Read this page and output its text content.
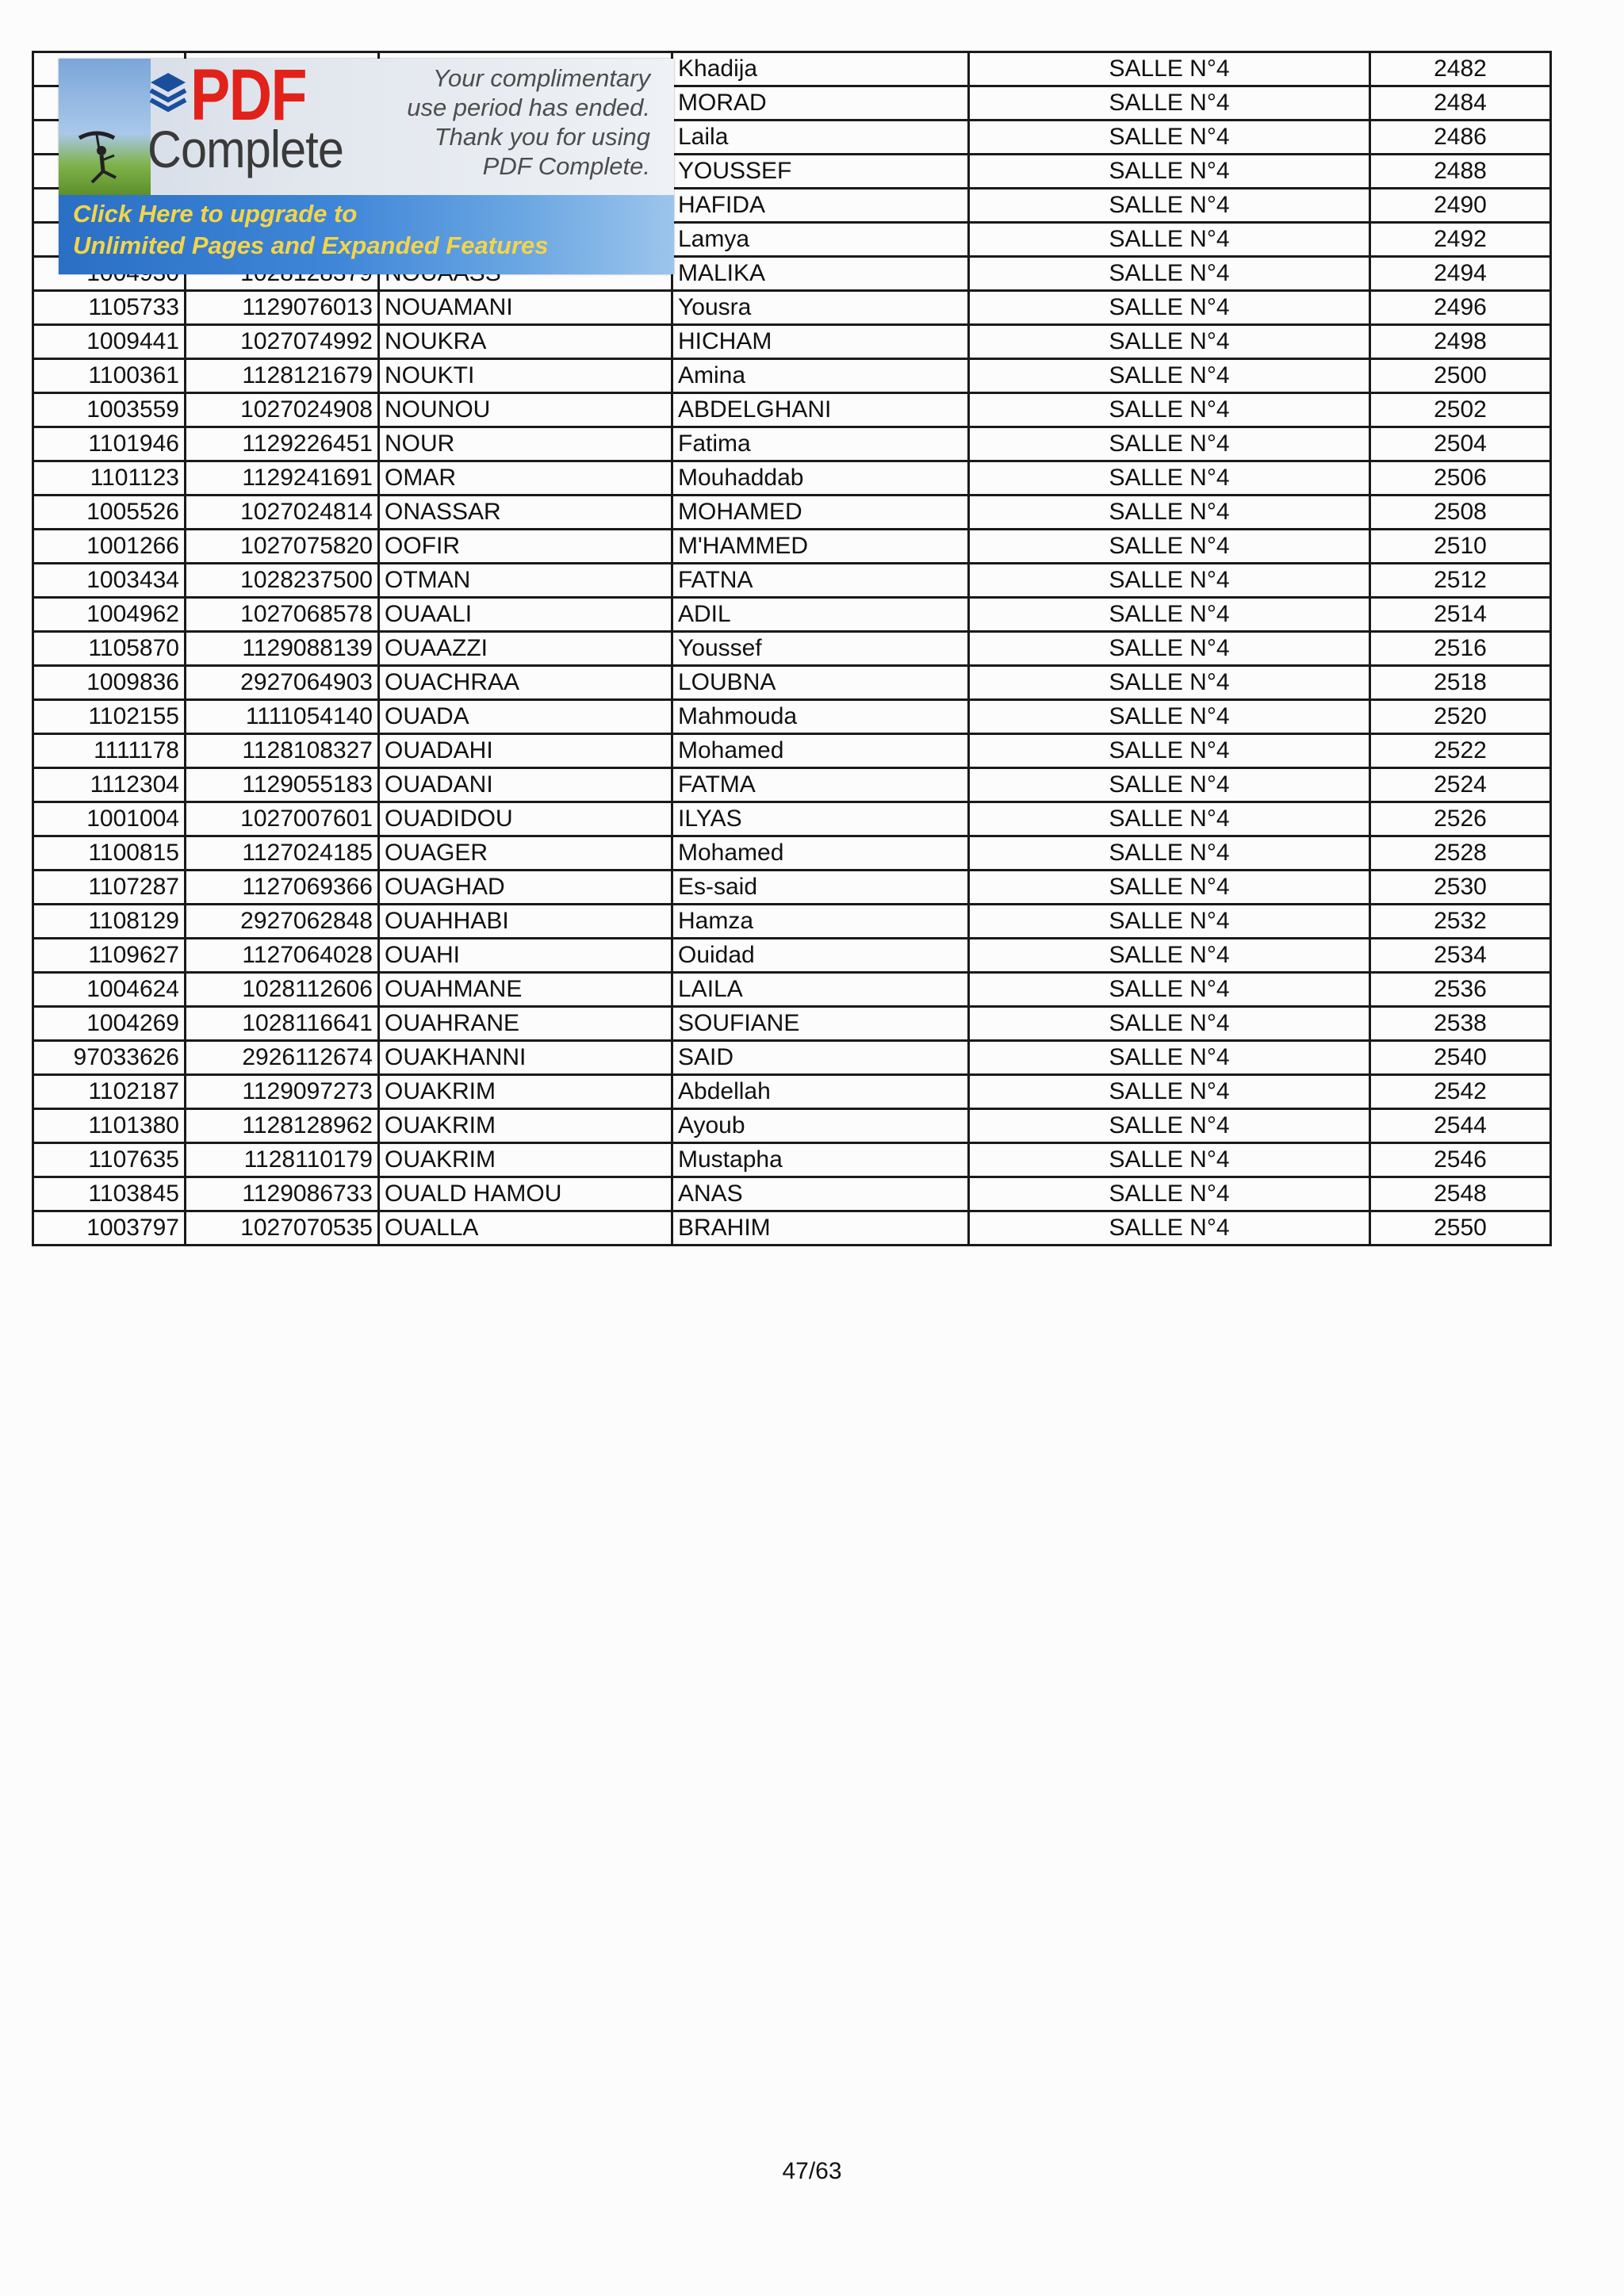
			Khadija	SALLE N°4	2482
			MORAD	SALLE N°4	2484
			Laila	SALLE N°4	2486
			YOUSSEF	SALLE N°4	2488
			HAFIDA	SALLE N°4	2490
			Lamya	SALLE N°4	2492
			MALIKA	SALLE N°4	2494
1105733	1129076013	NOUAMANI	Yousra	SALLE N°4	2496
1009441	1027074992	NOUKRA	HICHAM	SALLE N°4	2498
1100361	1128121679	NOUKTI	Amina	SALLE N°4	2500
1003559	1027024908	NOUNOU	ABDELGHANI	SALLE N°4	2502
1101946	1129226451	NOUR	Fatima	SALLE N°4	2504
1101123	1129241691	OMAR	Mouhaddab	SALLE N°4	2506
1005526	1027024814	ONASSAR	MOHAMED	SALLE N°4	2508
1001266	1027075820	OOFIR	M'HAMMED	SALLE N°4	2510
1003434	1028237500	OTMAN	FATNA	SALLE N°4	2512
1004962	1027068578	OUAALI	ADIL	SALLE N°4	2514
1105870	1129088139	OUAAZZI	Youssef	SALLE N°4	2516
1009836	2927064903	OUACHRAA	LOUBNA	SALLE N°4	2518
1102155	1111054140	OUADA	Mahmouda	SALLE N°4	2520
1111178	1128108327	OUADAHI	Mohamed	SALLE N°4	2522
1112304	1129055183	OUADANI	FATMA	SALLE N°4	2524
1001004	1027007601	OUADIDOU	ILYAS	SALLE N°4	2526
1100815	1127024185	OUAGER	Mohamed	SALLE N°4	2528
1107287	1127069366	OUAGHAD	Es-said	SALLE N°4	2530
1108129	2927062848	OUAHHABI	Hamza	SALLE N°4	2532
1109627	1127064028	OUAHI	Ouidad	SALLE N°4	2534
1004624	1028112606	OUAHMANE	LAILA	SALLE N°4	2536
1004269	1028116641	OUAHRANE	SOUFIANE	SALLE N°4	2538
97033626	2926112674	OUAKHANNI	SAID	SALLE N°4	2540
1102187	1129097273	OUAKRIM	Abdellah	SALLE N°4	2542
1101380	1128128962	OUAKRIM	Ayoub	SALLE N°4	2544
1107635	1128110179	OUAKRIM	Mustapha	SALLE N°4	2546
1103845	1129086733	OUALD HAMOU	ANAS	SALLE N°4	2548
1003797	1027070535	OUALLA	BRAHIM	SALLE N°4	2550
PDF
Complete
Your complimentary
use period has ended.
Thank you for using
PDF Complete.
Click Here to upgrade to
Unlimited Pages and Expanded Features
47/63
